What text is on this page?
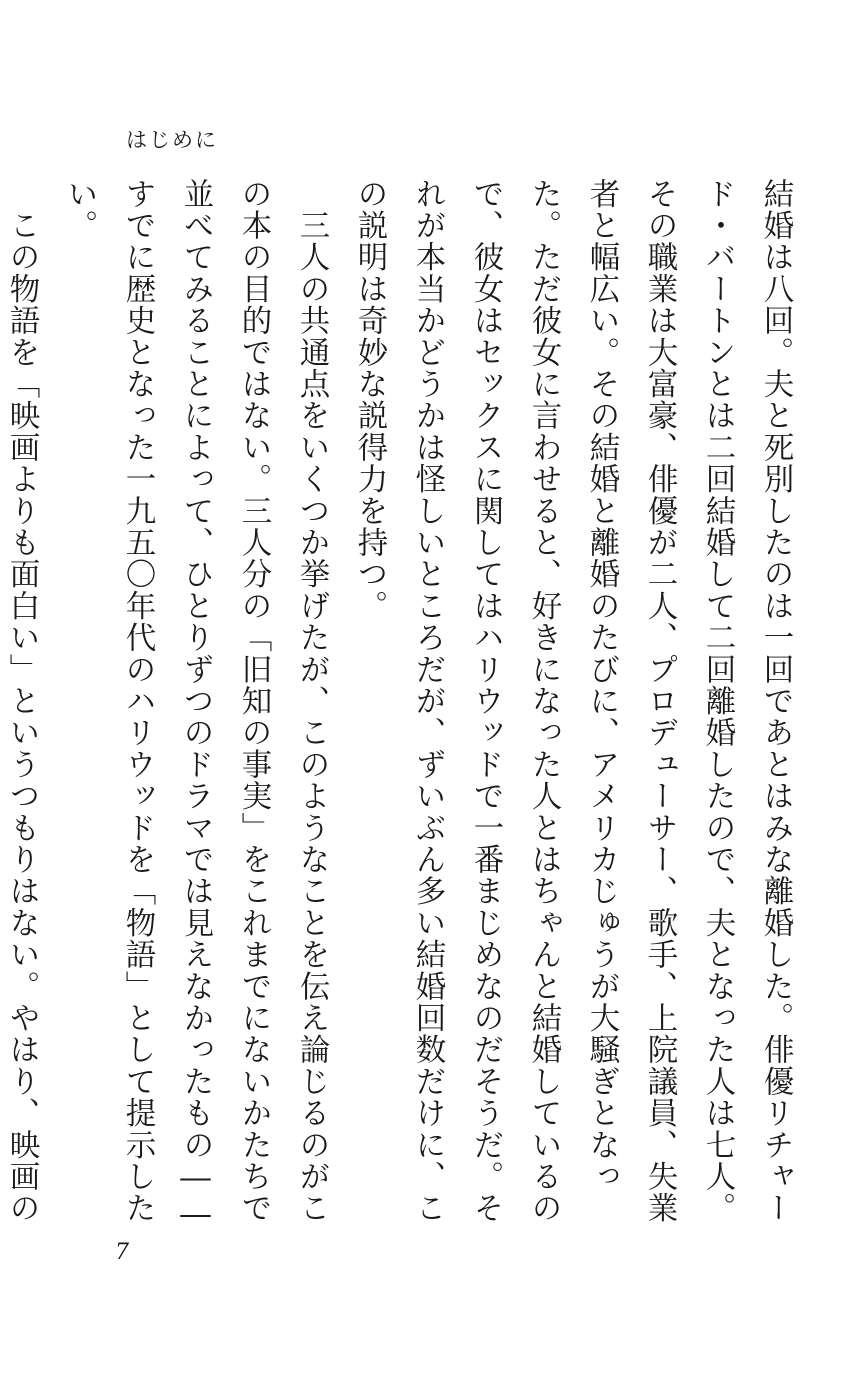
はじめに

結婚は八回。夫と死別したのは一回であとはみな離婚した。俳優リチャード・バートンとは二回結婚して二回離婚したので、夫となった人は七人。その職業は大富豪、俳優が二人、プロデューサー、歌手、上院議員、失業者と幅広い。その結婚と離婚のたびに、アメリカじゅうが大騒ぎとなった。ただ彼女に言わせると、好きになった人とはちゃんと結婚しているので、彼女はセックスに関してはハリウッドで一番まじめなのだそうだ。それが本当かどうかは怪しいところだが、ずいぶん多い結婚回数だけに、この説明は奇妙な説得力を持つ。

　三人の共通点をいくつか挙げたが、このようなことを伝え論じるのがこの本の目的ではない。三人分の「旧知の事実」をこれまでにないかたちで並べてみることによって、ひとりずつのドラマでは見えなかったもの――すでに歴史となった一九五〇年代のハリウッドを「物語」として提示したい。

　この物語を「映画よりも面白い」というつもりはない。やはり、映画の

7
